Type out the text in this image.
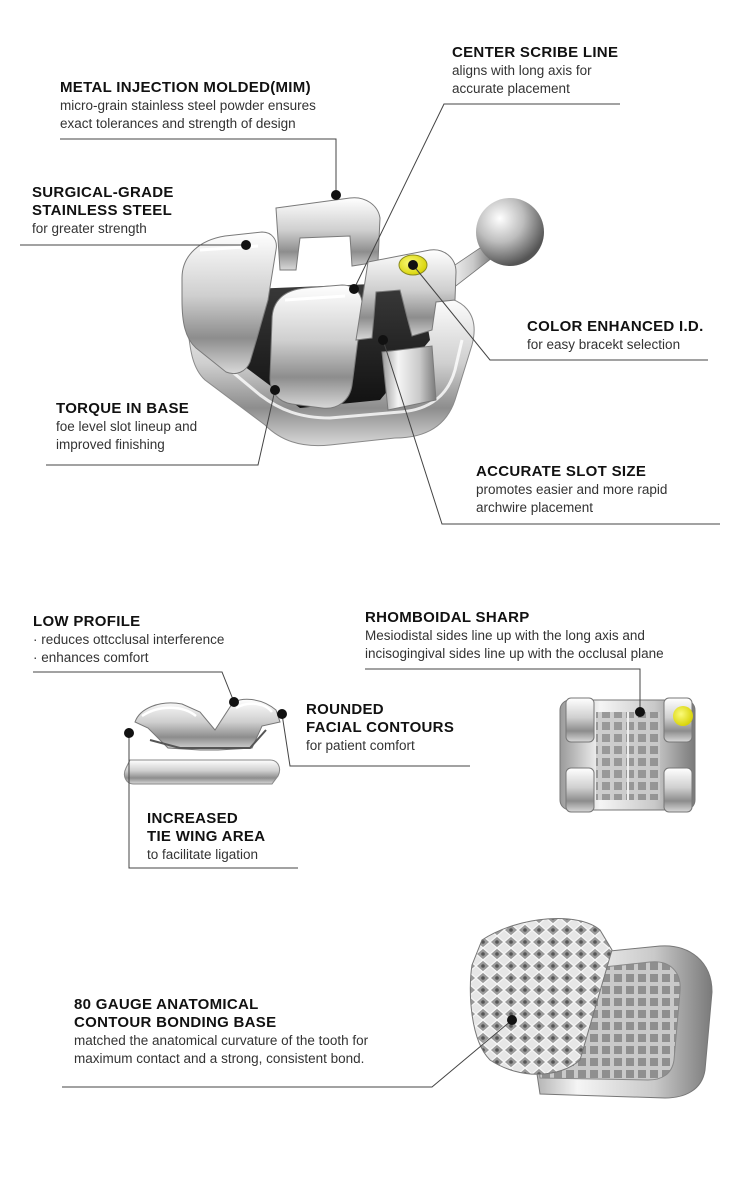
CENTER SCRIBE LINE
aligns with long axis for
accurate placement
METAL INJECTION MOLDED(MIM)
micro-grain stainless steel powder ensures
exact tolerances and strength of design
SURGICAL-GRADE
STAINLESS STEEL
for greater strength
COLOR ENHANCED I.D.
for easy bracekt selection
TORQUE IN BASE
foe level slot lineup and
improved finishing
ACCURATE SLOT SIZE
promotes easier and more rapid
archwire placement
LOW PROFILE
· reduces ottcclusal interference
· enhances comfort
RHOMBOIDAL SHARP
Mesiodistal sides line up with the long axis and
incisogingival sides line up with the occlusal plane
ROUNDED
FACIAL CONTOURS
for patient comfort
INCREASED
TIE WING AREA
to facilitate ligation
80 GAUGE ANATOMICAL
CONTOUR BONDING BASE
matched the anatomical curvature of the tooth for
maximum contact and a strong, consistent bond.
